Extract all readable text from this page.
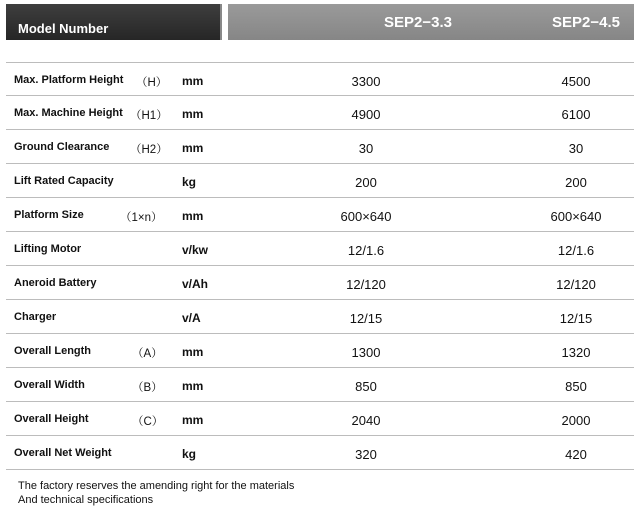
Model Number	SEP2−3.3	SEP2−4.5
Max. Platform Height （H） mm	3300	4500
Max. Machine Height （H1） mm	4900	6100
Ground Clearance （H2） mm	30	30
Lift Rated Capacity	kg	200	200
Platform Size	（1×n） mm	600×640	600×640
Lifting Motor	v/kw	12/1.6	12/1.6
Aneroid Battery	v/Ah	12/120	12/120
Charger	v/A	12/15	12/15
Overall Length	（A） mm	1300	1320
Overall Width	（B） mm	850	850
Overall Height	（C） mm	2040	2000
Overall Net Weight	kg	320	420
The factory reserves the amending right for the materials
And technical specifications
